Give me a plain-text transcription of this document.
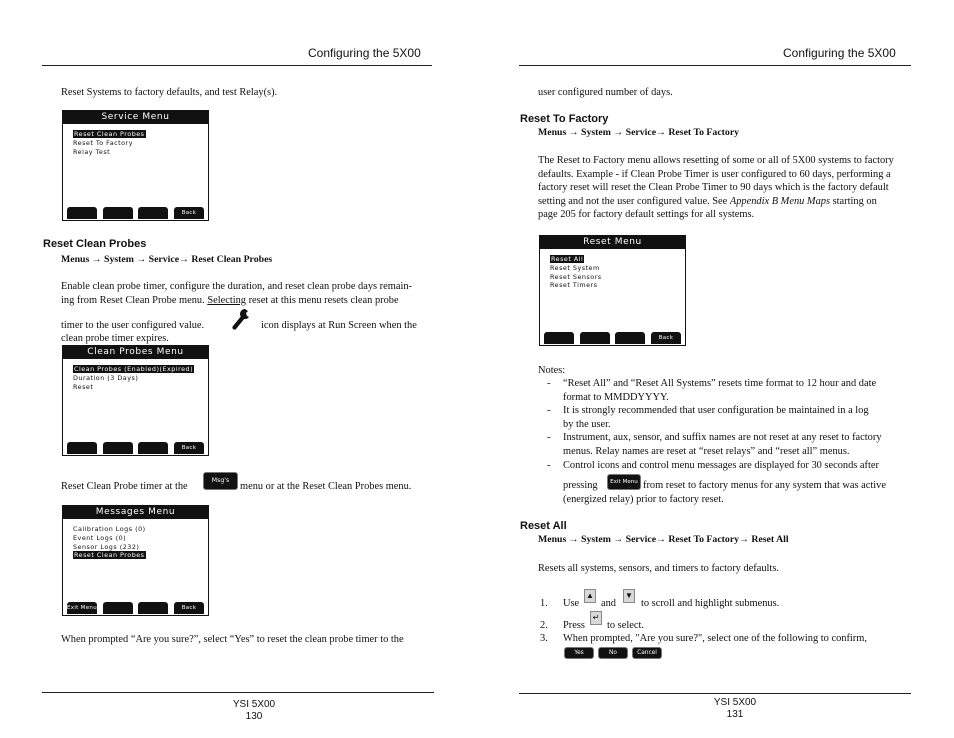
Configuring the 5X00
Reset Systems to factory defaults, and test Relay(s).
Service Menu
Reset Clean Probes
Reset To Factory
Relay Test
Back
Reset Clean Probes
Menus → System → Service→ Reset Clean Probes
Enable clean probe timer, configure the duration, and reset clean probe days remain-
ing from Reset Clean Probe menu. Selecting reset at this menu resets clean probe
timer to the user configured value.	icon displays at Run Screen when the
clean probe timer expires.
Clean Probes Menu
Clean Probes (Enabled)(Expired)
Duration (3 Days)
Reset
Back
Reset Clean Probe timer at the
Msg's
menu or at the Reset Clean Probes menu.
Messages Menu
Calibration Logs (0)
Event Logs (0)
Sensor Logs (232)
Reset Clean Probes
Exit Menu	Back
When prompted “Are you sure?”, select “Yes” to reset the clean probe timer to the
YSI 5X00
130
Configuring the 5X00
user configured number of days.
Reset To Factory
Menus → System → Service→ Reset To Factory
The Reset to Factory menu allows resetting of some or all of 5X00 systems to factory
defaults. Example - if Clean Probe Timer is user configured to 60 days, performing a
factory reset will reset the Clean Probe Timer to 90 days which is the factory default
setting and not the user configured value. See Appendix B Menu Maps starting on
page 205 for factory default settings for all systems.
Reset Menu
Reset All
Reset System
Reset Sensors
Reset Timers
Back
Notes:
- “Reset All” and “Reset All Systems” resets time format to 12 hour and date
format to MMDDYYYY.
- It is strongly recommended that user configuration be maintained in a log
by the user.
- Instrument, aux, sensor, and suffix names are not reset at any reset to factory
menus. Relay names are reset at “reset relays” and “reset all” menus.
- Control icons and control menu messages are displayed for 30 seconds after
pressing	Exit Menu from reset to factory menus for any system that was active
(energized relay) prior to factory reset.
Reset All
Menus → System → Service→ Reset To Factory→ Reset All
Resets all systems, sensors, and timers to factory defaults.
1. Use
▲
and
▼
to scroll and highlight submenus.
2. Press
↵
to select.
3. When prompted, "Are you sure?", select one of the following to confirm,
Yes	No	Cancel
YSI 5X00
131
